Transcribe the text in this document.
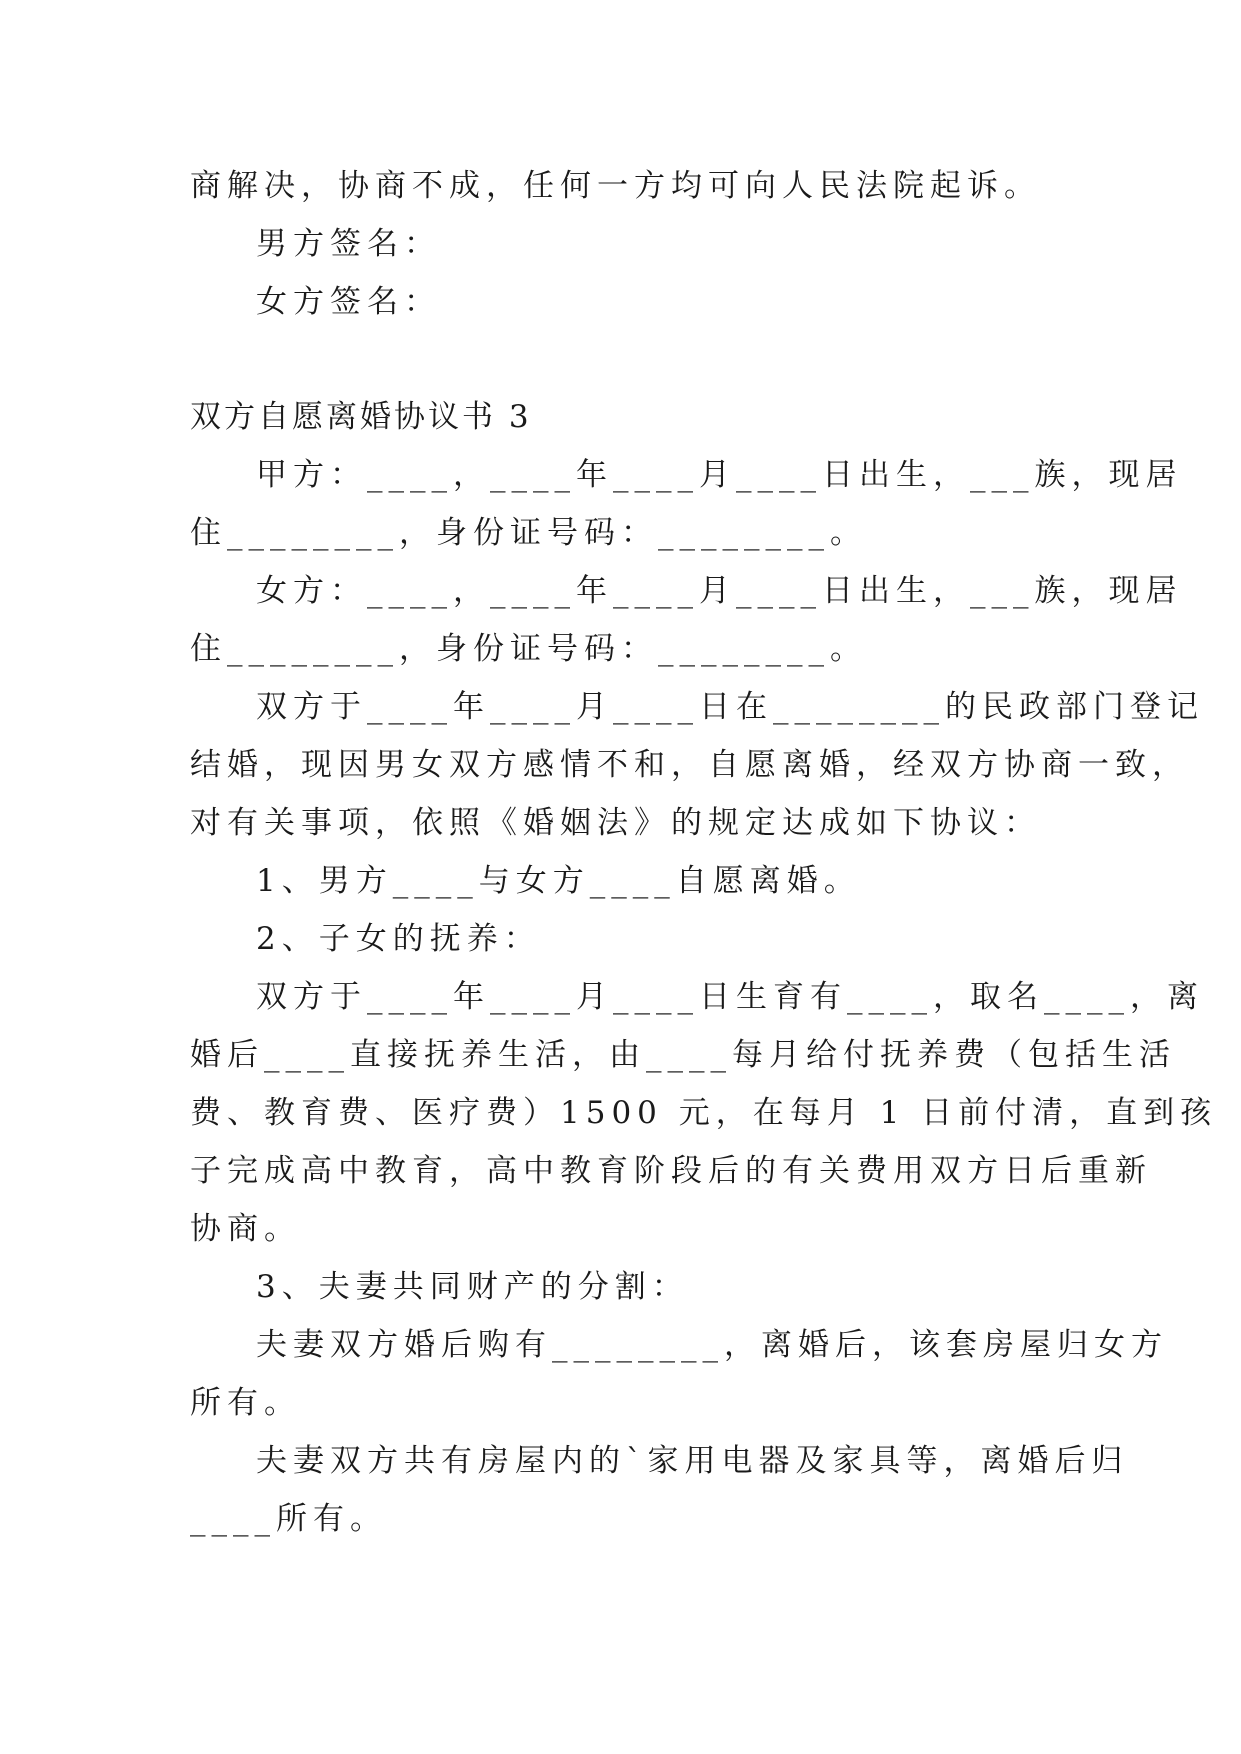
商解决，协商不成，任何一方均可向人民法院起诉。
男方签名：
女方签名：
双方自愿离婚协议书 3
甲方：____，____年____月____日出生，___族，现居
住________，身份证号码：________。
女方：____，____年____月____日出生，___族，现居
住________，身份证号码：________。
双方于____年____月____日在________的民政部门登记
结婚，现因男女双方感情不和，自愿离婚，经双方协商一致，
对有关事项，依照《婚姻法》的规定达成如下协议：
1、男方____与女方____自愿离婚。
2、子女的抚养：
双方于____年____月____日生育有____，取名____，离
婚后____直接抚养生活，由____每月给付抚养费（包括生活
费、教育费、医疗费）1500 元，在每月 1 日前付清，直到孩
子完成高中教育，高中教育阶段后的有关费用双方日后重新
协商。
3、夫妻共同财产的分割：
夫妻双方婚后购有________，离婚后，该套房屋归女方
所有。
夫妻双方共有房屋内的`家用电器及家具等，离婚后归
____所有。
